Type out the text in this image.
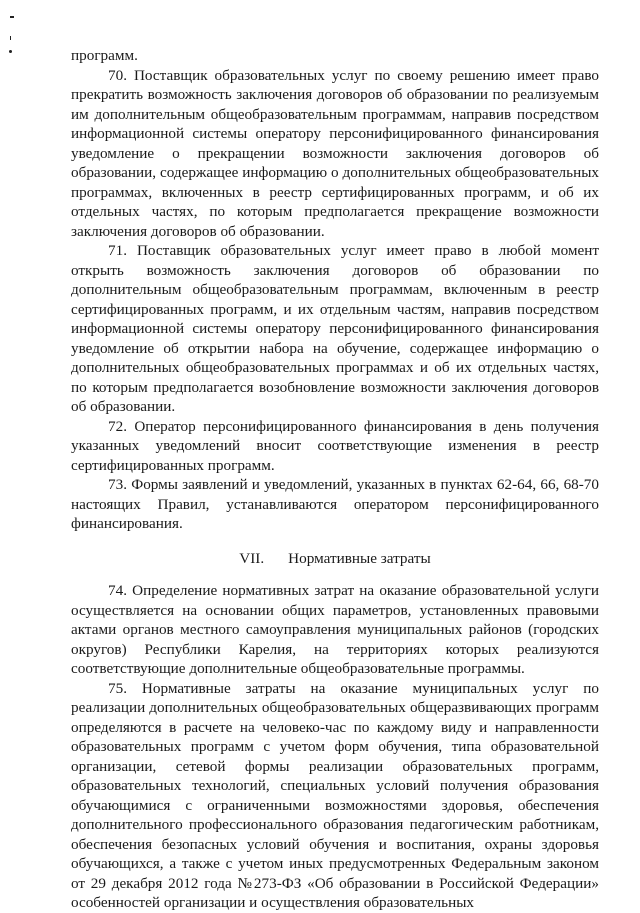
программ.

70. Поставщик образовательных услуг по своему решению имеет право прекратить возможность заключения договоров об образовании по реализуемым им дополнительным общеобразовательным программам, направив посредством информационной системы оператору персонифицированного финансирования уведомление о прекращении возможности заключения договоров об образовании, содержащее информацию о дополнительных общеобразовательных программах, включенных в реестр сертифицированных программ, и об их отдельных частях, по которым предполагается прекращение возможности заключения договоров об образовании.

71. Поставщик образовательных услуг имеет право в любой момент открыть возможность заключения договоров об образовании по дополнительным общеобразовательным программам, включенным в реестр сертифицированных программ, и их отдельным частям, направив посредством информационной системы оператору персонифицированного финансирования уведомление об открытии набора на обучение, содержащее информацию о дополнительных общеобразовательных программах и об их отдельных частях, по которым предполагается возобновление возможности заключения договоров об образовании.

72. Оператор персонифицированного финансирования в день получения указанных уведомлений вносит соответствующие изменения в реестр сертифицированных программ.

73. Формы заявлений и уведомлений, указанных в пунктах 62-64, 66, 68-70 настоящих Правил, устанавливаются оператором персонифицированного финансирования.

VII. Нормативные затраты

74. Определение нормативных затрат на оказание образовательной услуги осуществляется на основании общих параметров, установленных правовыми актами органов местного самоуправления муниципальных районов (городских округов) Республики Карелия, на территориях которых реализуются соответствующие дополнительные общеобразовательные программы.

75. Нормативные затраты на оказание муниципальных услуг по реализации дополнительных общеобразовательных общеразвивающих программ определяются в расчете на человеко-час по каждому виду и направленности образовательных программ с учетом форм обучения, типа образовательной организации, сетевой формы реализации образовательных программ, образовательных технологий, специальных условий получения образования обучающимися с ограниченными возможностями здоровья, обеспечения дополнительного профессионального образования педагогическим работникам, обеспечения безопасных условий обучения и воспитания, охраны здоровья обучающихся, а также с учетом иных предусмотренных Федеральным законом от 29 декабря 2012 года №273-ФЗ «Об образовании в Российской Федерации» особенностей организации и осуществления образовательных
